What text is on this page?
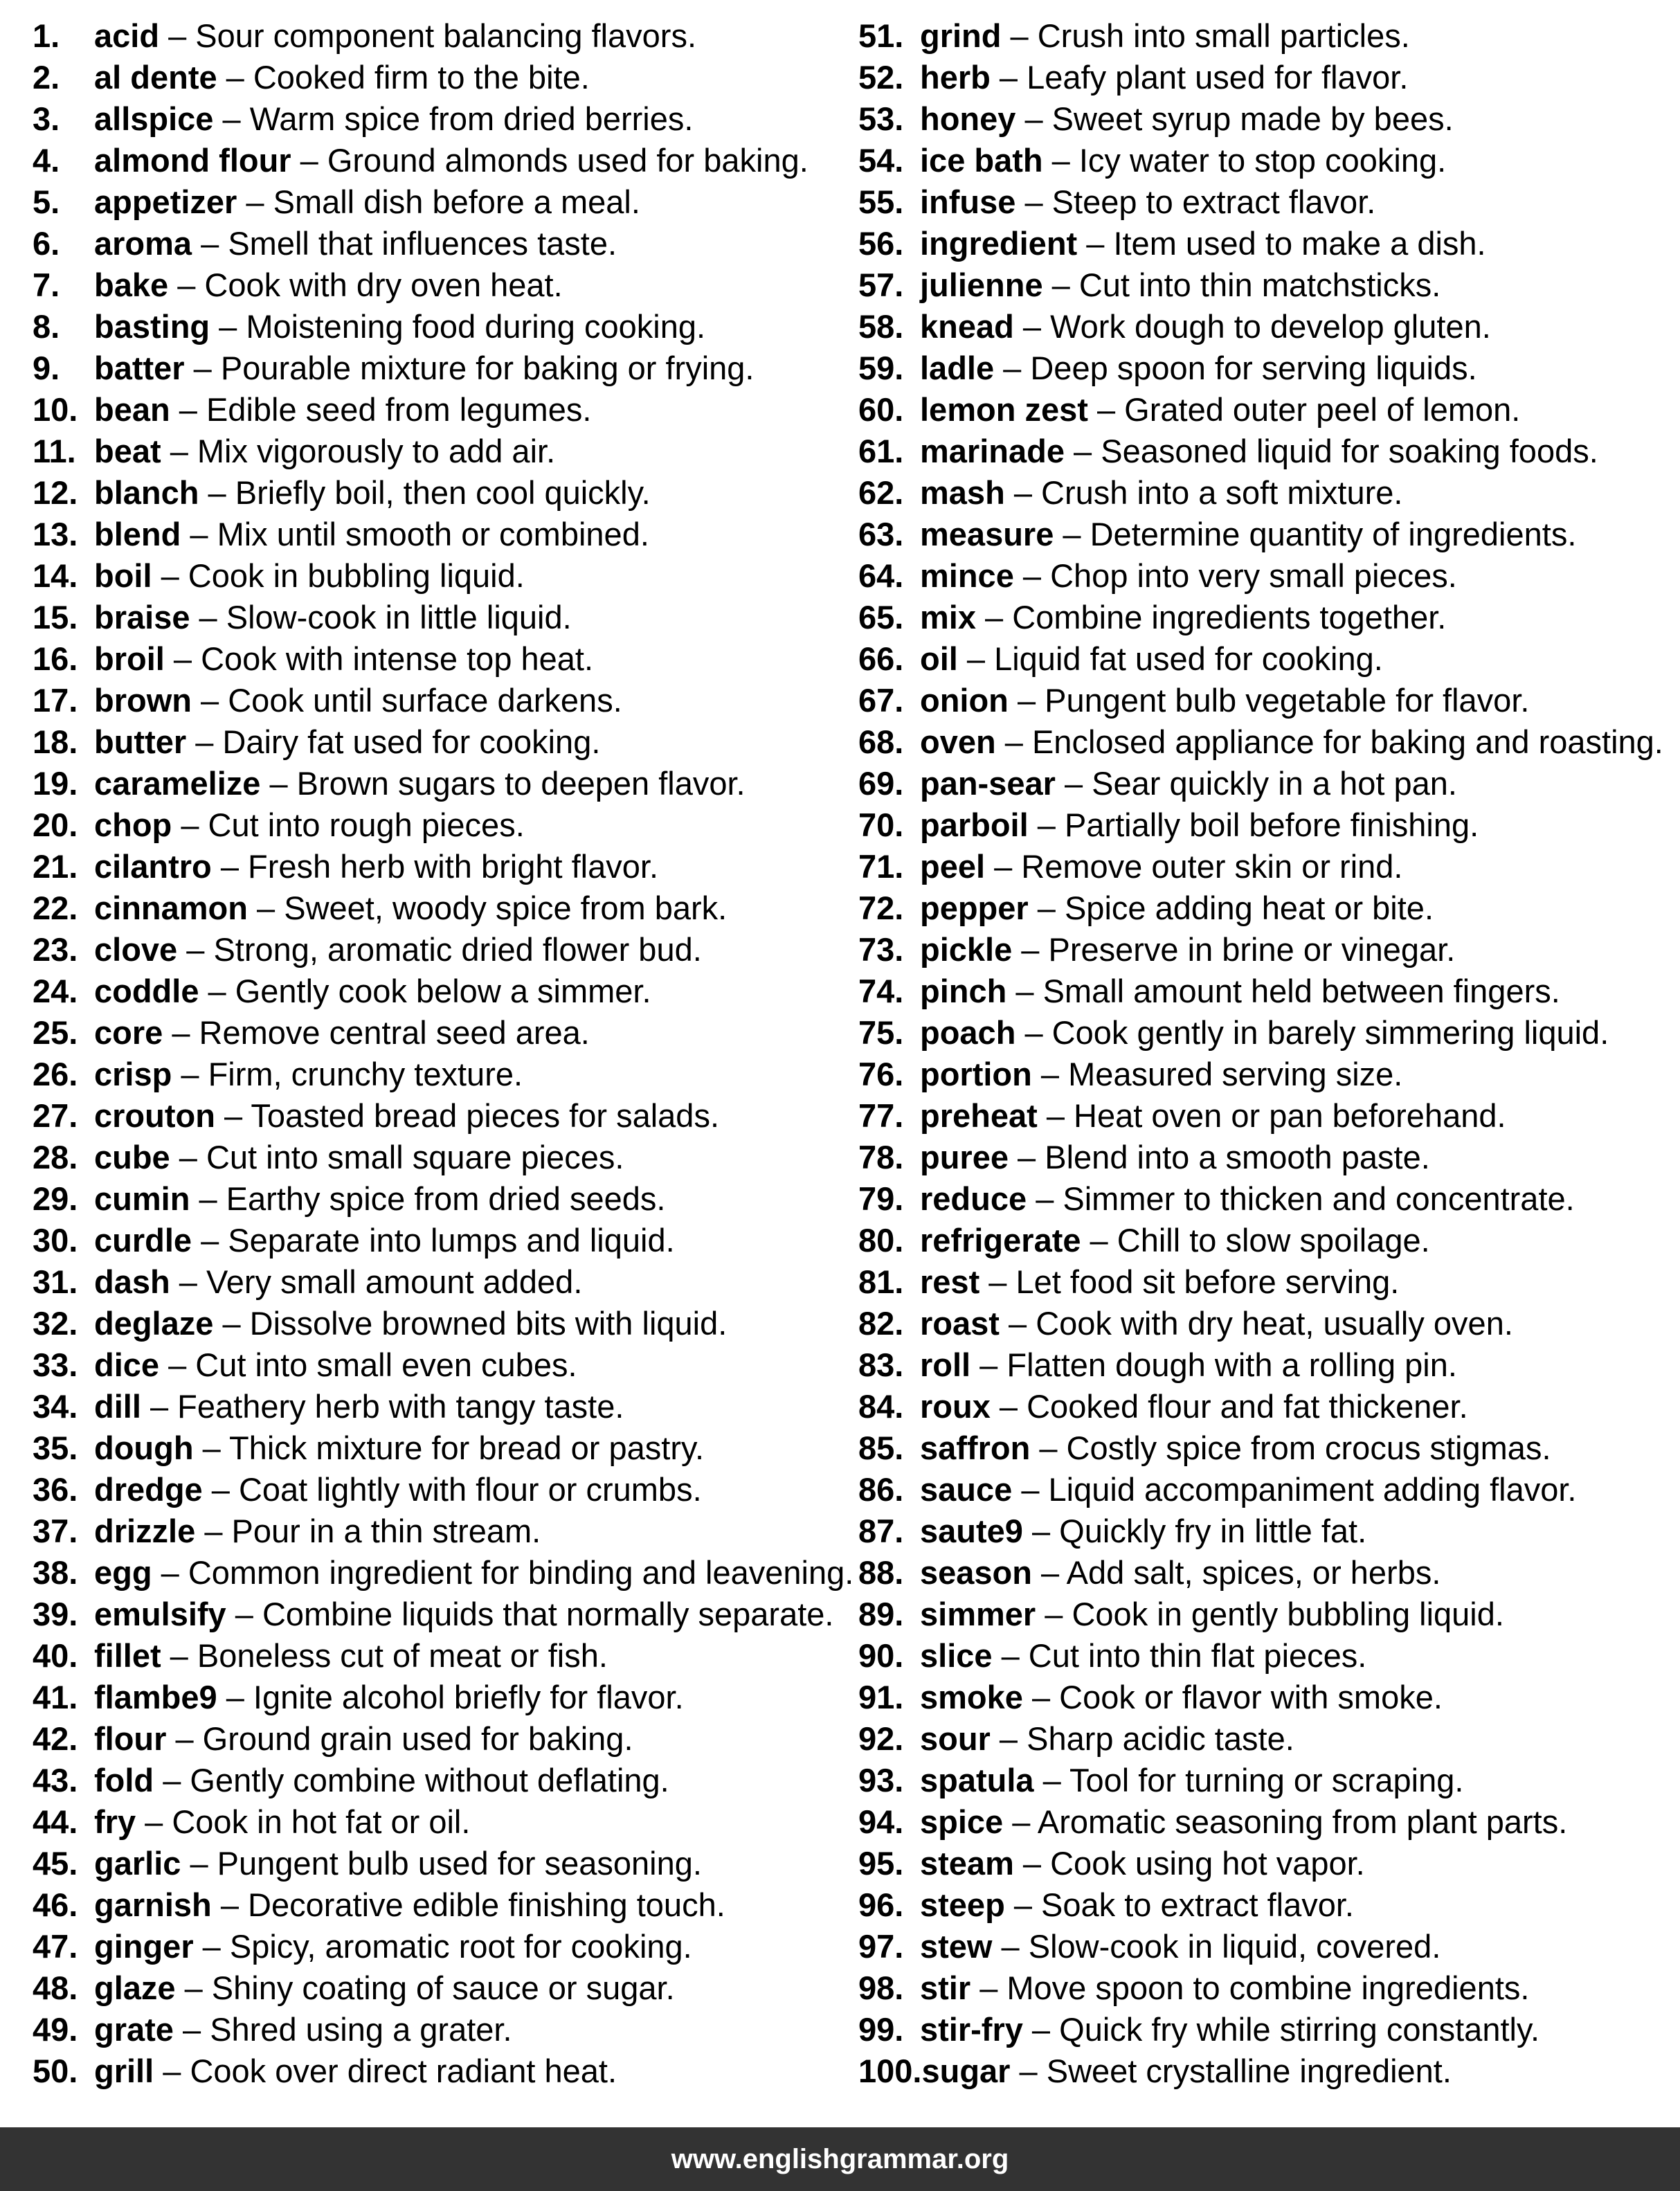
1.	acid – Sour component balancing flavors.
2.	al dente – Cooked firm to the bite.
3.	allspice – Warm spice from dried berries.
4.	almond flour – Ground almonds used for baking.
5.	appetizer – Small dish before a meal.
6.	aroma – Smell that influences taste.
7.	bake – Cook with dry oven heat.
8.	basting – Moistening food during cooking.
9.	batter – Pourable mixture for baking or frying.
10. bean – Edible seed from legumes.
11. beat – Mix vigorously to add air.
12. blanch – Briefly boil, then cool quickly.
13. blend – Mix until smooth or combined.
14. boil – Cook in bubbling liquid.
15. braise – Slow-cook in little liquid.
16. broil – Cook with intense top heat.
17. brown – Cook until surface darkens.
18. butter – Dairy fat used for cooking.
19. caramelize – Brown sugars to deepen flavor.
20. chop – Cut into rough pieces.
21. cilantro – Fresh herb with bright flavor.
22. cinnamon – Sweet, woody spice from bark.
23. clove – Strong, aromatic dried flower bud.
24. coddle – Gently cook below a simmer.
25. core – Remove central seed area.
26. crisp – Firm, crunchy texture.
27. crouton – Toasted bread pieces for salads.
28. cube – Cut into small square pieces.
29. cumin – Earthy spice from dried seeds.
30. curdle – Separate into lumps and liquid.
31. dash – Very small amount added.
32. deglaze – Dissolve browned bits with liquid.
33. dice – Cut into small even cubes.
34. dill – Feathery herb with tangy taste.
35. dough – Thick mixture for bread or pastry.
36. dredge – Coat lightly with flour or crumbs.
37. drizzle – Pour in a thin stream.
38. egg – Common ingredient for binding and leavening.
39. emulsify – Combine liquids that normally separate.
40. fillet – Boneless cut of meat or fish.
41. flambe9 – Ignite alcohol briefly for flavor.
42. flour – Ground grain used for baking.
43. fold – Gently combine without deflating.
44. fry – Cook in hot fat or oil.
45. garlic – Pungent bulb used for seasoning.
46. garnish – Decorative edible finishing touch.
47. ginger – Spicy, aromatic root for cooking.
48. glaze – Shiny coating of sauce or sugar.
49. grate – Shred using a grater.
50. grill – Cook over direct radiant heat.
51. grind – Crush into small particles.
52. herb – Leafy plant used for flavor.
53. honey – Sweet syrup made by bees.
54. ice bath – Icy water to stop cooking.
55. infuse – Steep to extract flavor.
56. ingredient – Item used to make a dish.
57. julienne – Cut into thin matchsticks.
58. knead – Work dough to develop gluten.
59. ladle – Deep spoon for serving liquids.
60. lemon zest – Grated outer peel of lemon.
61. marinade – Seasoned liquid for soaking foods.
62. mash – Crush into a soft mixture.
63. measure – Determine quantity of ingredients.
64. mince – Chop into very small pieces.
65. mix – Combine ingredients together.
66. oil – Liquid fat used for cooking.
67. onion – Pungent bulb vegetable for flavor.
68. oven – Enclosed appliance for baking and roasting.
69. pan-sear – Sear quickly in a hot pan.
70. parboil – Partially boil before finishing.
71. peel – Remove outer skin or rind.
72. pepper – Spice adding heat or bite.
73. pickle – Preserve in brine or vinegar.
74. pinch – Small amount held between fingers.
75. poach – Cook gently in barely simmering liquid.
76. portion – Measured serving size.
77. preheat – Heat oven or pan beforehand.
78. puree – Blend into a smooth paste.
79. reduce – Simmer to thicken and concentrate.
80. refrigerate – Chill to slow spoilage.
81. rest – Let food sit before serving.
82. roast – Cook with dry heat, usually oven.
83. roll – Flatten dough with a rolling pin.
84. roux – Cooked flour and fat thickener.
85. saffron – Costly spice from crocus stigmas.
86. sauce – Liquid accompaniment adding flavor.
87. saute9 – Quickly fry in little fat.
88. season – Add salt, spices, or herbs.
89. simmer – Cook in gently bubbling liquid.
90. slice – Cut into thin flat pieces.
91. smoke – Cook or flavor with smoke.
92. sour – Sharp acidic taste.
93. spatula – Tool for turning or scraping.
94. spice – Aromatic seasoning from plant parts.
95. steam – Cook using hot vapor.
96. steep – Soak to extract flavor.
97. stew – Slow-cook in liquid, covered.
98. stir – Move spoon to combine ingredients.
99. stir-fry – Quick fry while stirring constantly.
100. sugar – Sweet crystalline ingredient.
www.englishgrammar.org
